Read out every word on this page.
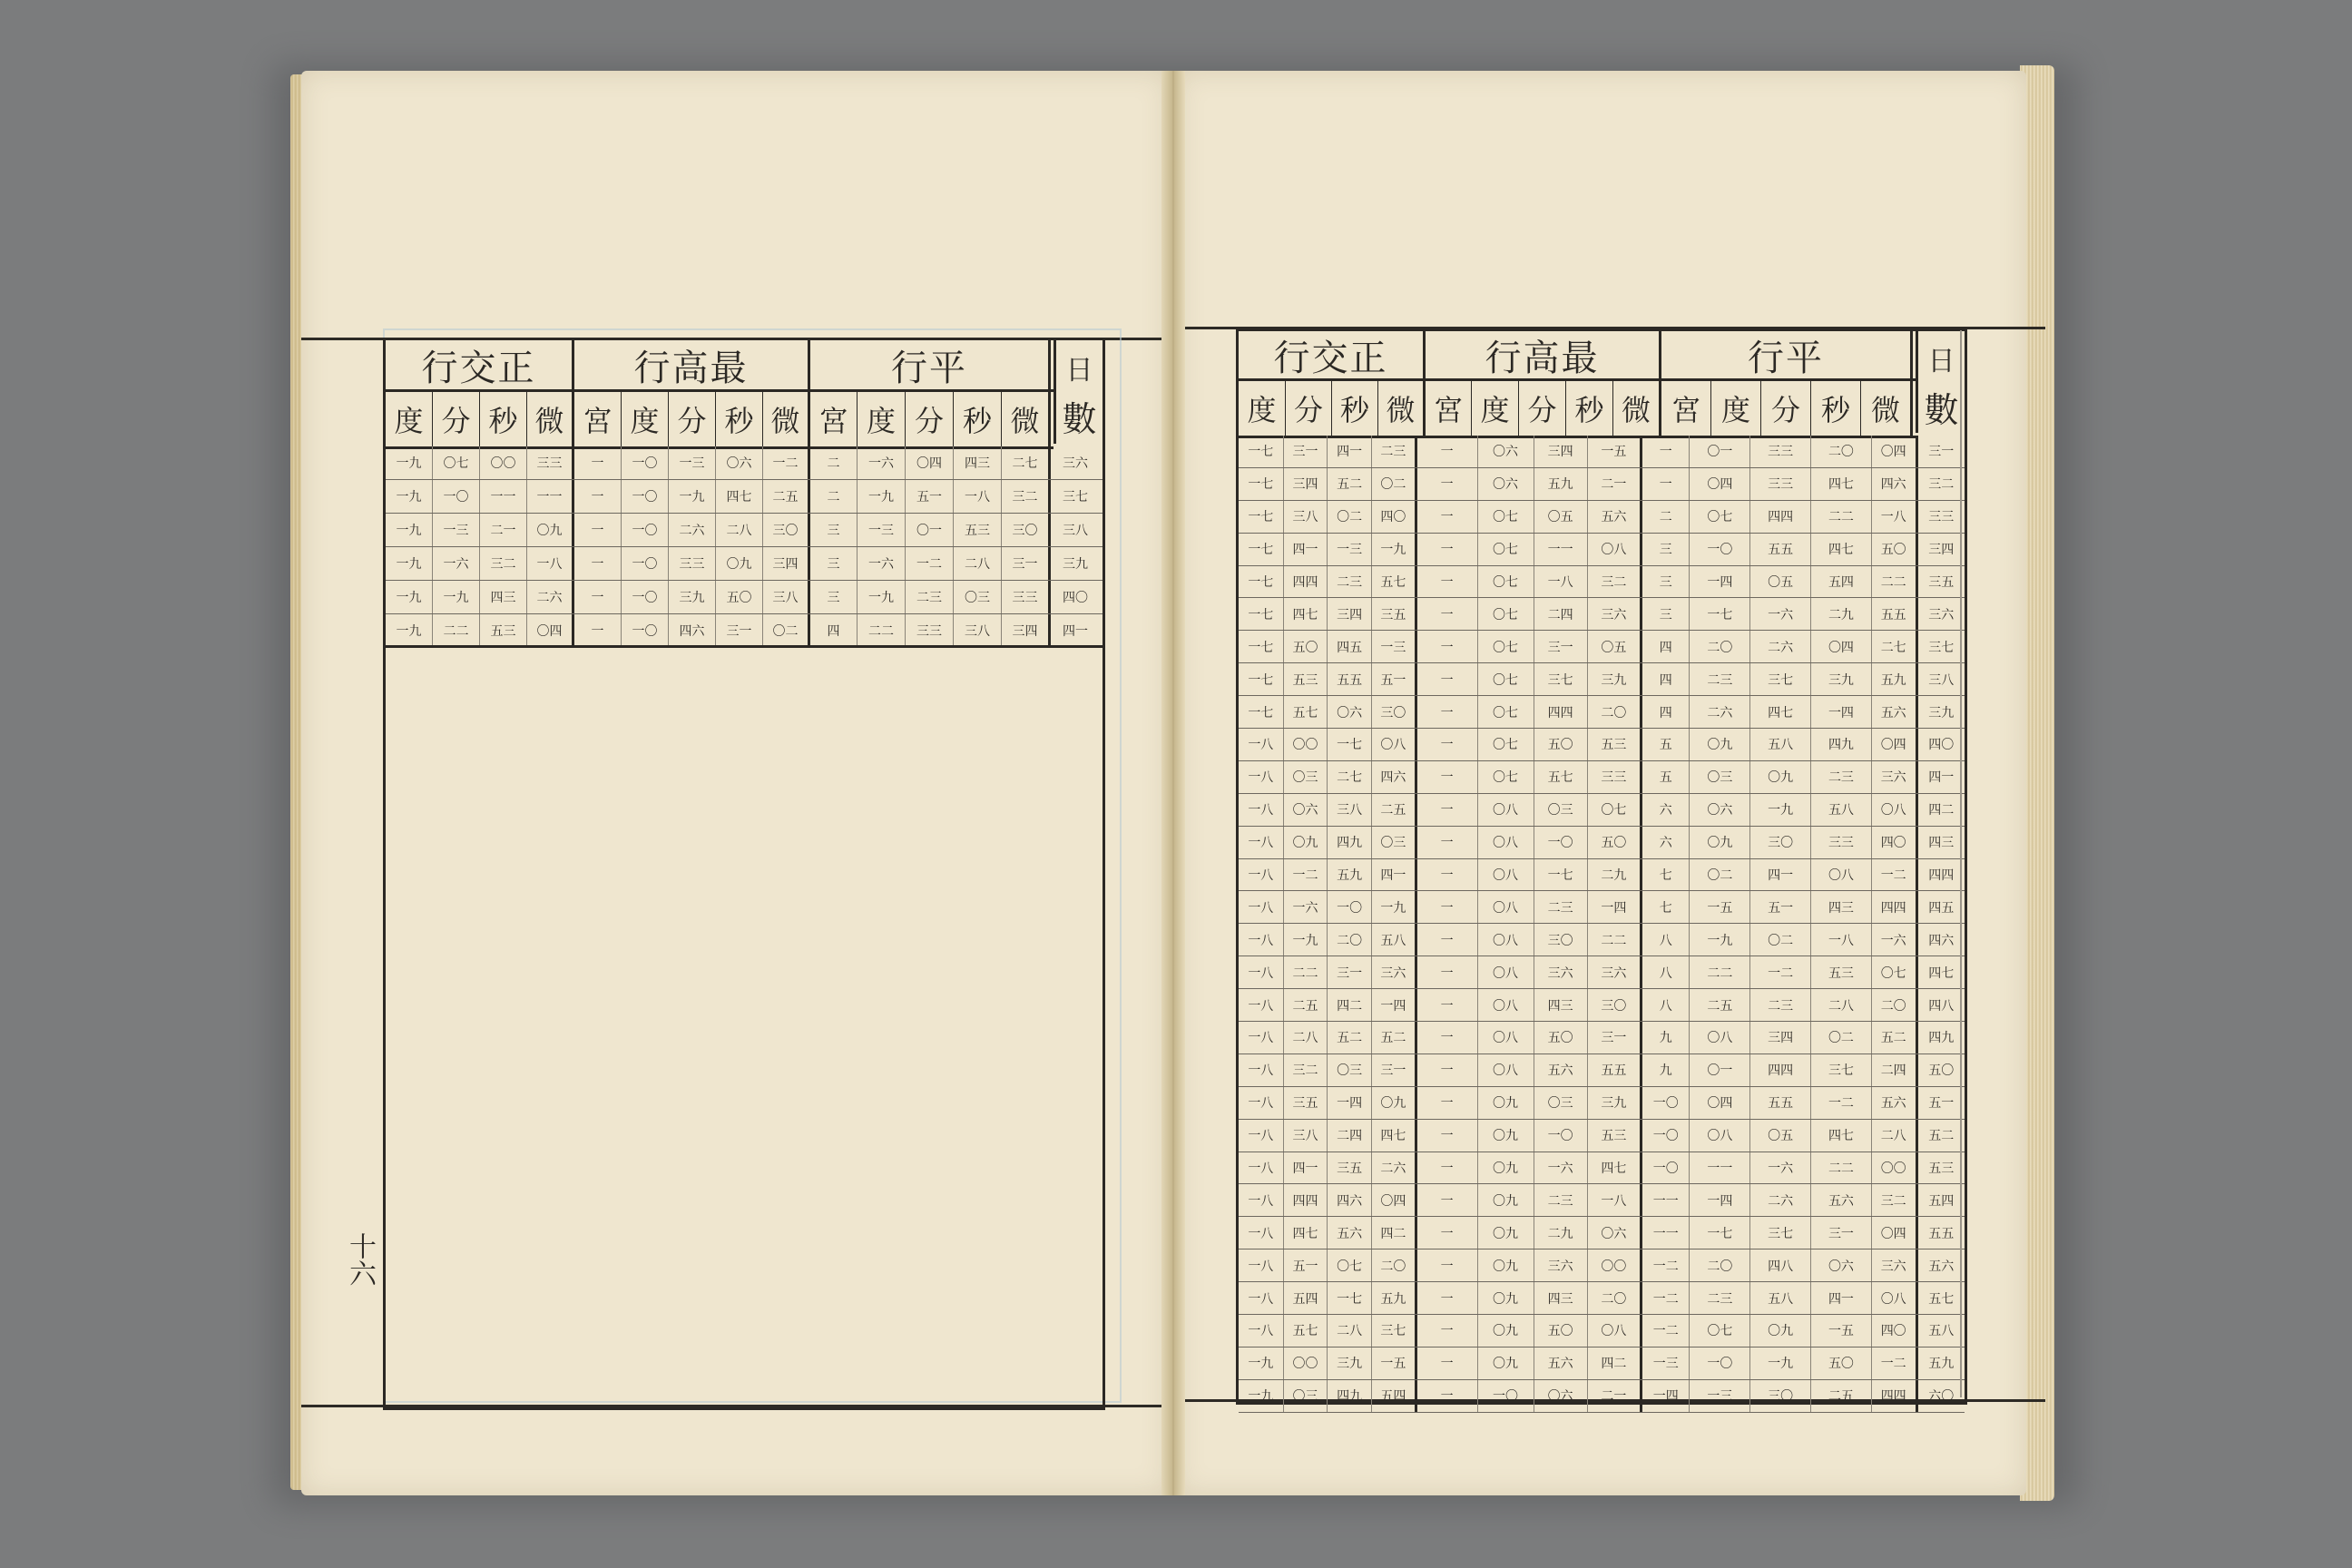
行交正	行高最	行平
度 分 秒 微 宮 度 分 秒 微 宮 度 分 秒 微
日
數
一九	〇七	〇〇	三三	一	一〇	一三	〇六	一二	二	一六	〇四	四三	二七	三六
一九	一〇	一一	一一	一	一〇	一九	四七	二五	二	一九	五一	一八	三二	三七
一九	一三	二一	〇九	一	一〇	二六	二八	三〇	三	一三	〇一	五三	三〇	三八
一九	一六	三二	一八	一	一〇	三三	〇九	三四	三	一六	一二	二八	三一	三九
一九	一九	四三	二六	一	一〇	三九	五〇	三八	三	一九	二三	〇三	三三	四〇
一九	二二	五三	〇四	一	一〇	四六	三一	〇二	四	二二	三三	三八	三四	四一
十六
行交正	行高最	行平
度 分 秒 微 宮 度 分 秒 微 宮 度 分 秒 微
日
數
一七	三一	四一	二三	一	〇六	三四	一五	一	〇一	三三	二〇	〇四	三一
一七	三四	五二	〇二	一	〇六	五九	二一	一	〇四	三三	四七	四六	三二
一七	三八	〇二	四〇	一	〇七	〇五	五六	二	〇七	四四	二二	一八	三三
一七	四一	一三	一九	一	〇七	一一	〇八	三	一〇	五五	四七	五〇	三四
一七	四四	二三	五七	一	〇七	一八	三二	三	一四	〇五	五四	二二	三五
一七	四七	三四	三五	一	〇七	二四	三六	三	一七	一六	二九	五五	三六
一七	五〇	四五	一三	一	〇七	三一	〇五	四	二〇	二六	〇四	二七	三七
一七	五三	五五	五一	一	〇七	三七	三九	四	二三	三七	三九	五九	三八
一七	五七	〇六	三〇	一	〇七	四四	二〇	四	二六	四七	一四	五六	三九
一八	〇〇	一七	〇八	一	〇七	五〇	五三	五	〇九	五八	四九	〇四	四〇
一八	〇三	二七	四六	一	〇七	五七	三三	五	〇三	〇九	二三	三六	四一
一八	〇六	三八	二五	一	〇八	〇三	〇七	六	〇六	一九	五八	〇八	四二
一八	〇九	四九	〇三	一	〇八	一〇	五〇	六	〇九	三〇	三三	四〇	四三
一八	一二	五九	四一	一	〇八	一七	二九	七	〇二	四一	〇八	一二	四四
一八	一六	一〇	一九	一	〇八	二三	一四	七	一五	五一	四三	四四	四五
一八	一九	二〇	五八	一	〇八	三〇	二二	八	一九	〇二	一八	一六	四六
一八	二二	三一	三六	一	〇八	三六	三六	八	二二	一二	五三	〇七	四七
一八	二五	四二	一四	一	〇八	四三	三〇	八	二五	二三	二八	二〇	四八
一八	二八	五二	五二	一	〇八	五〇	三一	九	〇八	三四	〇二	五二	四九
一八	三二	〇三	三一	一	〇八	五六	五五	九	〇一	四四	三七	二四	五〇
一八	三五	一四	〇九	一	〇九	〇三	三九	一〇	〇四	五五	一二	五六	五一
一八	三八	二四	四七	一	〇九	一〇	五三	一〇	〇八	〇五	四七	二八	五二
一八	四一	三五	二六	一	〇九	一六	四七	一〇	一一	一六	二二	〇〇	五三
一八	四四	四六	〇四	一	〇九	二三	一八	一一	一四	二六	五六	三二	五四
一八	四七	五六	四二	一	〇九	二九	〇六	一一	一七	三七	三一	〇四	五五
一八	五一	〇七	二〇	一	〇九	三六	〇〇	一二	二〇	四八	〇六	三六	五六
一八	五四	一七	五九	一	〇九	四三	二〇	一二	二三	五八	四一	〇八	五七
一八	五七	二八	三七	一	〇九	五〇	〇八	一二	〇七	〇九	一五	四〇	五八
一九	〇〇	三九	一五	一	〇九	五六	四二	一三	一〇	一九	五〇	一二	五九
一九	〇三	四九	五四	一	一〇	〇六	二一	一四	一三	三〇	二五	四四	六〇
